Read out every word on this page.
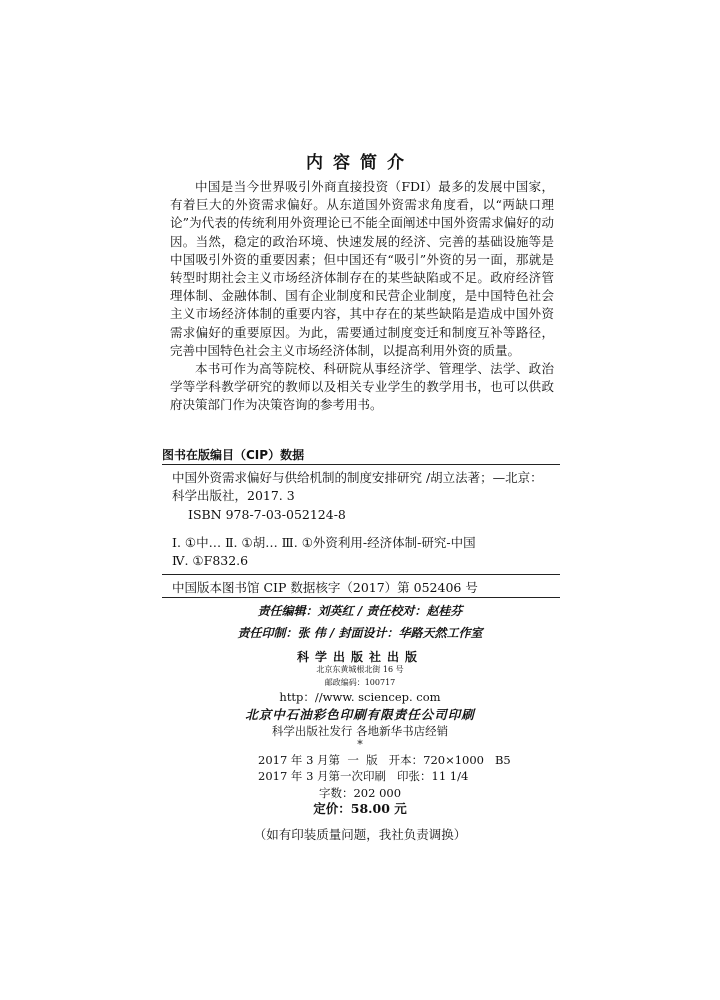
内容简介

中国是当今世界吸引外商直接投资（FDI）最多的发展中国家，有着巨大的外资需求偏好。从东道国外资需求角度看，以“两缺口理论”为代表的传统利用外资理论已不能全面阐述中国外资需求偏好的动因。当然，稳定的政治环境、快速发展的经济、完善的基础设施等是中国吸引外资的重要因素；但中国还有“吸引”外资的另一面，那就是转型时期社会主义市场经济体制存在的某些缺陷或不足。政府经济管理体制、金融体制、国有企业制度和民营企业制度，是中国特色社会主义市场经济体制的重要内容，其中存在的某些缺陷是造成中国外资需求偏好的重要原因。为此，需要通过制度变迁和制度互补等路径，完善中国特色社会主义市场经济体制，以提高利用外资的质量。

本书可作为高等院校、科研院从事经济学、管理学、法学、政治学等学科教学研究的教师以及相关专业学生的教学用书，也可以供政府决策部门作为决策咨询的参考用书。

图书在版编目（CIP）数据
中国外资需求偏好与供给机制的制度安排研究 /胡立法著；—北京：
科学出版社，2017. 3
ISBN 978-7-03-052124-8
Ⅰ. ①中… Ⅱ. ①胡… Ⅲ. ①外资利用-经济体制-研究-中国
Ⅳ. ①F832.6
中国版本图书馆 CIP 数据核字（2017）第 052406 号
责任编辑：刘英红 / 责任校对：赵桂芬
责任印制：张 伟 / 封面设计：华路天然工作室
科学出版社出版
北京东黄城根北街 16 号
邮政编码：100717
http：//www. sciencep. com
北京中石油彩色印刷有限责任公司印刷
科学出版社发行 各地新华书店经销
*
2017 年 3 月第  一  版   开本：720×1000   B5
2017 年 3 月第一次印刷   印张：11 1/4
字数：202 000
定价：58.00 元
（如有印装质量问题，我社负责调换）
